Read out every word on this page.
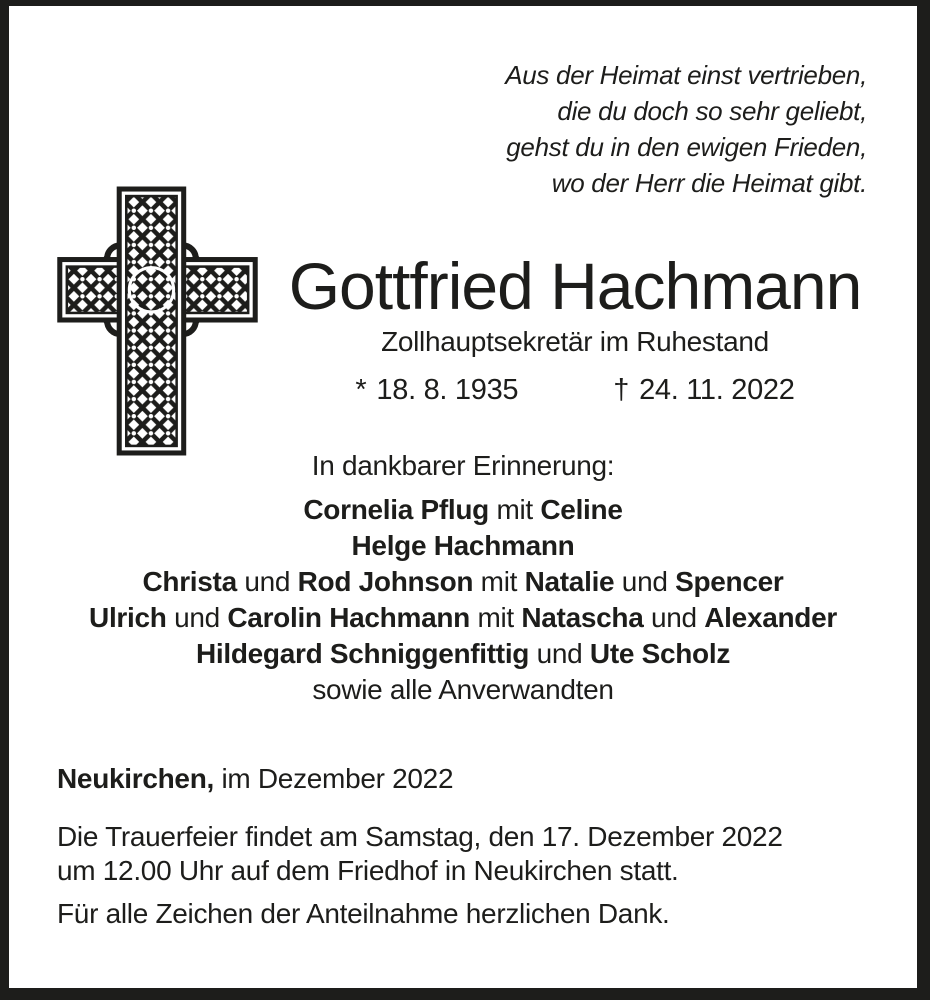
Aus der Heimat einst vertrieben,
die du doch so sehr geliebt,
gehst du in den ewigen Frieden,
wo der Herr die Heimat gibt.
Gottfried Hachmann
Zollhauptsekretär im Ruhestand
* 18. 8. 1935	† 24. 11. 2022
In dankbarer Erinnerung:
Cornelia Pflug mit Celine
Helge Hachmann
Christa und Rod Johnson mit Natalie und Spencer
Ulrich und Carolin Hachmann mit Natascha und Alexander
Hildegard Schniggenfittig und Ute Scholz
sowie alle Anverwandten
Neukirchen, im Dezember 2022
Die Trauerfeier findet am Samstag, den 17. Dezember 2022
um 12.00 Uhr auf dem Friedhof in Neukirchen statt.
Für alle Zeichen der Anteilnahme herzlichen Dank.
